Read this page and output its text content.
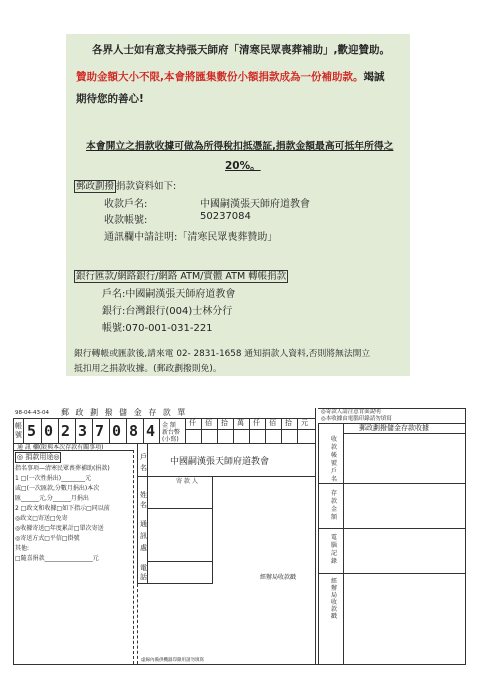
各界人士如有意支持張天師府「清寒民眾喪葬補助」,歡迎贊助。
贊助金額大小不限,本會將匯集數份小額捐款成為一份補助款。竭誠
期待您的善心!
本會開立之捐款收據可做為所得稅扣抵憑証,捐款金額最高可抵年所得之
20%。
郵政劃撥 捐款資料如下:
收款戶名:	中國嗣漢張天師府道教會
收款帳號:	50237084
通訊欄中請註明:「清寒民眾喪葬贊助」
銀行匯款/網路銀行/網路 ATM/實體 ATM 轉帳捐款
戶名:中國嗣漢張天師府道教會
銀行:台灣銀行(004)士林分行
帳號:070-001-031-221
銀行轉帳或匯款後,請來電 02- 2831-1658 通知捐款人資料,否則將無法開立
抵扣用之捐款收據。(郵政劃撥則免)。
98-04-43-04 郵 政 劃 撥 儲 金 存 款 單
帳號 5 0 2 3 7 0 8 4 金 額
新台幣
(小寫)
仟 佰 拾 萬 仟 佰 拾 元
通 訊 欄(限與本次存款有關事項)
◎ 捐款用途◎
指名事項—清寒民眾喪葬補助(捐款)
1 □(一次性捐出)________元
或□(一次匯款,分數月捐出)本次
匯______元,分______月捐出
2 □政文和收據□如下指示□同以前
◎政文□寄送□免寄
◎收據寄送□年度累計□單次寄送
◎寄送方式□平信□掛號
其他:
□隨喜捐款________________元
戶名
中國嗣漢張天師府道教會
寄 款 人
姓名
通訊處
電話	經辦局收款戳
虛線內備供機器印錄用請勿填寫
◎寄款人請注意背面說明
◎本收據由電腦印錄請勿填寫
郵政劃撥儲金存款收據
收款帳號戶名
存款金額
電腦記錄
經辦局收款戳
